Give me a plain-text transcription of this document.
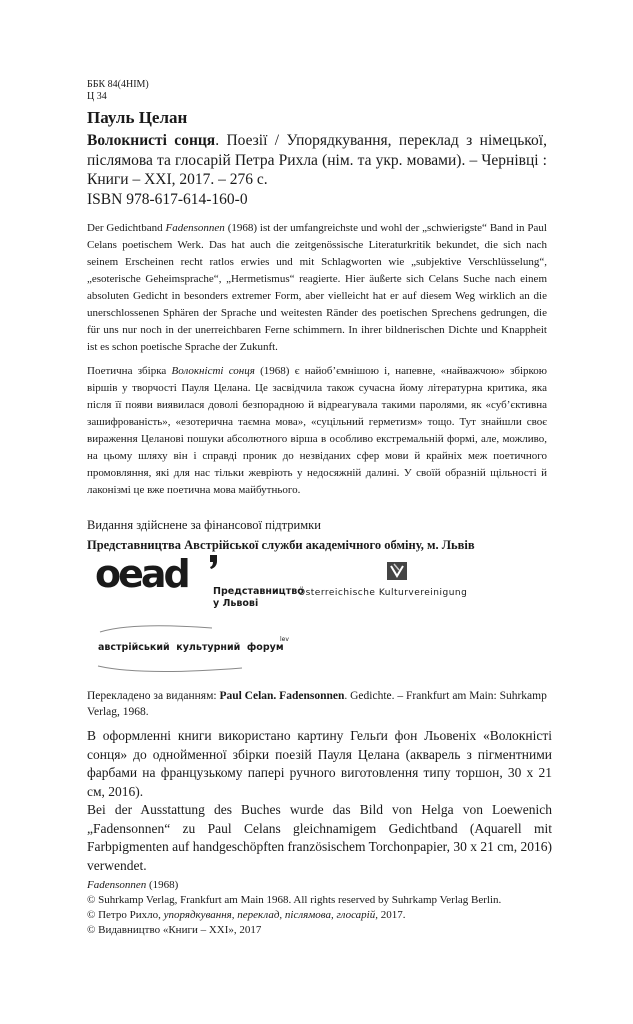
ББК 84(4НІМ)
Ц 34
Пауль Целан
Волокнисті сонця. Поезії / Упорядкування, переклад з німецької, післямова та глосарій Петра Рихла (нім. та укр. мовами). – Чернівці : Книги – ХХІ, 2017. – 276 с.
ISBN 978-617-614-160-0
Der Gedichtband Fadensonnen (1968) ist der umfangreichste und wohl der „schwierigste“ Band in Paul Celans poetischem Werk. Das hat auch die zeitgenössische Literaturkritik bekundet, die sich nach seinem Erscheinen recht ratlos erwies und mit Schlagworten wie „subjektive Verschlüsselung“, „esoterische Geheimsprache“, „Hermetismus“ reagierte. Hier äußerte sich Celans Suche nach einem absoluten Gedicht in besonders extremer Form, aber vielleicht hat er auf diesem Weg wirklich an die unerschlossenen Sphären der Sprache und weitesten Ränder des poetischen Sprechens gedrungen, die für uns nur noch in der unerreichbaren Ferne schimmern. In ihrer bildnerischen Dichte und Knappheit ist es schon poetische Sprache der Zukunft.
Поетична збірка Волокністі сонця (1968) є найоб’ємнішою і, напевне, «найважчою» збіркою віршів у творчості Пауля Целана. Це засвідчила також сучасна йому літературна критика, яка після її появи виявилася доволі безпорадною й відреагувала такими паролями, як «суб’єктивна зашифрованість», «езотерична таємна мова», «суцільний герметизм» тощо. Тут знайшли своє вираження Целанові пошуки абсолютного вірша в особливо екстремальній формі, але, можливо, на цьому шляху він і справді проник до незвіданих сфер мови й крайніх меж поетичного промовляння, які для нас тільки жевріють у недосяжній далині. У своїй образній щільності й лаконізмі це вже поетична мова майбутнього.
Видання здійснене за фінансової підтримки
Представництва Австрійської служби академічного обміну, м. Львів
oead	Представництво
у Львові
Österreichische Kulturvereinigung
австрійський  культурний  форум
lev
Перекладено за виданням: Paul Celan. Fadensonnen. Gedichte. – Frankfurt am Main: Suhrkamp Verlag, 1968.
В оформленні книги використано картину Гельґи фон Льовеніх «Волокністі сонця» до однойменної збірки поезій Пауля Целана (акварель з пігментними фарбами на французькому папері ручного виготовлення типу торшон, 30 х 21 см, 2016).
Bei der Ausstattung des Buches wurde das Bild von Helga von Loewenich „Fadensonnen“ zu Paul Celans gleichnamigem Gedichtband (Aquarell mit Farbpigmenten auf handgeschöpften französischem Torchonpapier, 30 x 21 cm, 2016) verwendet.
Fadensonnen (1968)
© Suhrkamp Verlag, Frankfurt am Main 1968. All rights reserved by Suhrkamp Verlag Berlin.
© Петро Рихло, упорядкування, переклад, післямова, глосарій, 2017.
© Видавництво «Книги – ХХІ», 2017
